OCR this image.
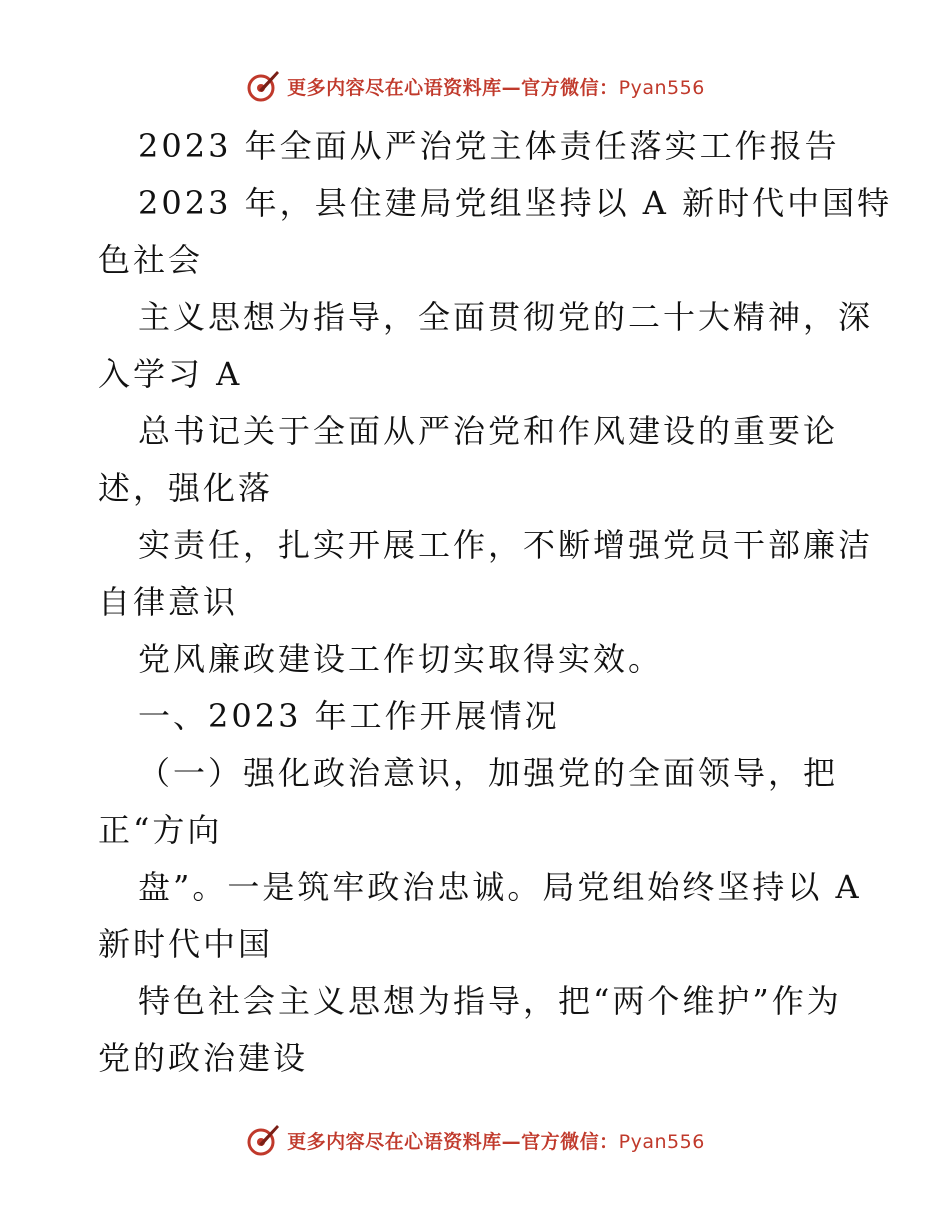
更多内容尽在心语资料库—官方微信：Pyan556
2023 年全面从严治党主体责任落实工作报告
2023 年，县住建局党组坚持以 A 新时代中国特
色社会
主义思想为指导，全面贯彻党的二十大精神，深
入学习 A
总书记关于全面从严治党和作风建设的重要论
述，强化落
实责任，扎实开展工作，不断增强党员干部廉洁
自律意识
党风廉政建设工作切实取得实效。
一、2023 年工作开展情况
（一）强化政治意识，加强党的全面领导，把
正“方向
盘”。一是筑牢政治忠诚。局党组始终坚持以 A
新时代中国
特色社会主义思想为指导，把“两个维护”作为
党的政治建设
更多内容尽在心语资料库—官方微信：Pyan556
